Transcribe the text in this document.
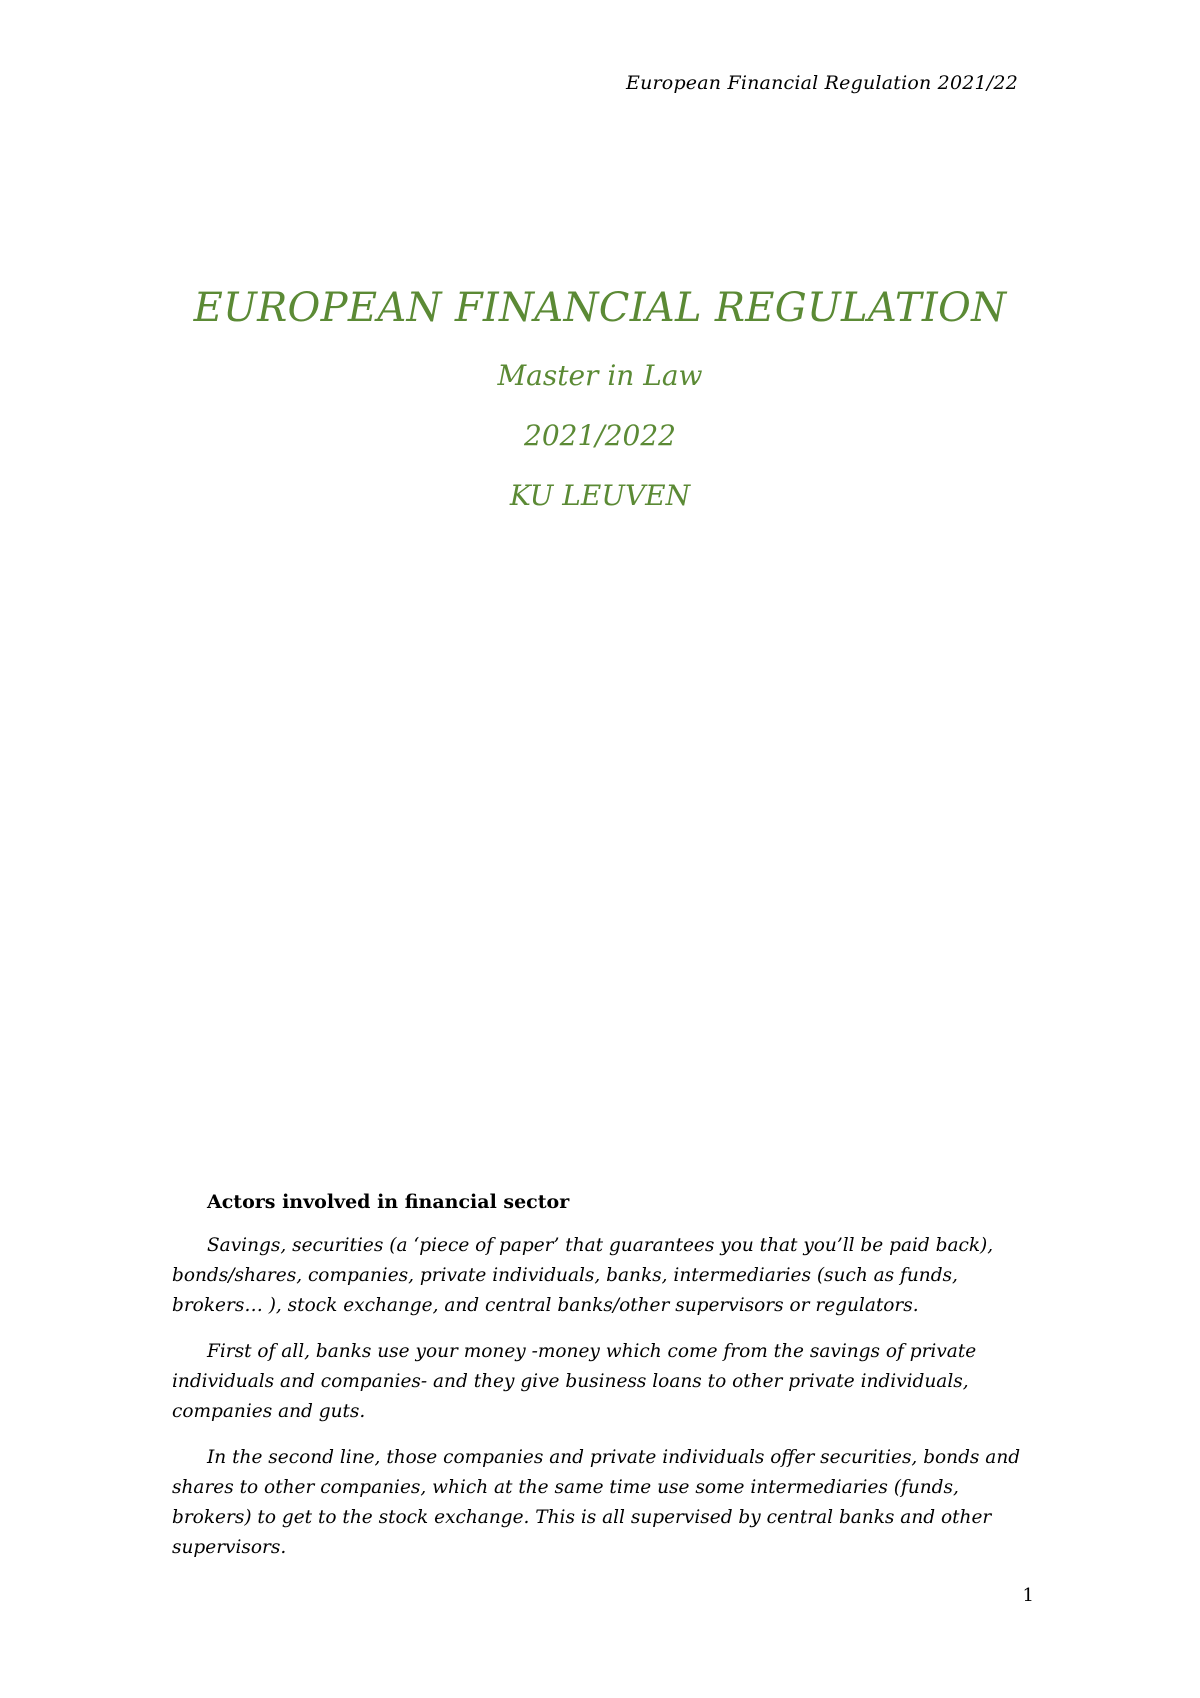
European Financial Regulation 2021/22
EUROPEAN FINANCIAL REGULATION
Master in Law
2021/2022
KU LEUVEN
Actors involved in financial sector

Savings, securities (a ‘piece of paper’ that guarantees you that you’ll be paid back), bonds/shares, companies, private individuals, banks, intermediaries (such as funds, brokers… ), stock exchange, and central banks/other supervisors or regulators.

First of all, banks use your money -money which come from the savings of private individuals and companies- and they give business loans to other private individuals, companies and guts.

In the second line, those companies and private individuals offer securities, bonds and shares to other companies, which at the same time use some intermediaries (funds, brokers) to get to the stock exchange. This is all supervised by central banks and other supervisors.

1
